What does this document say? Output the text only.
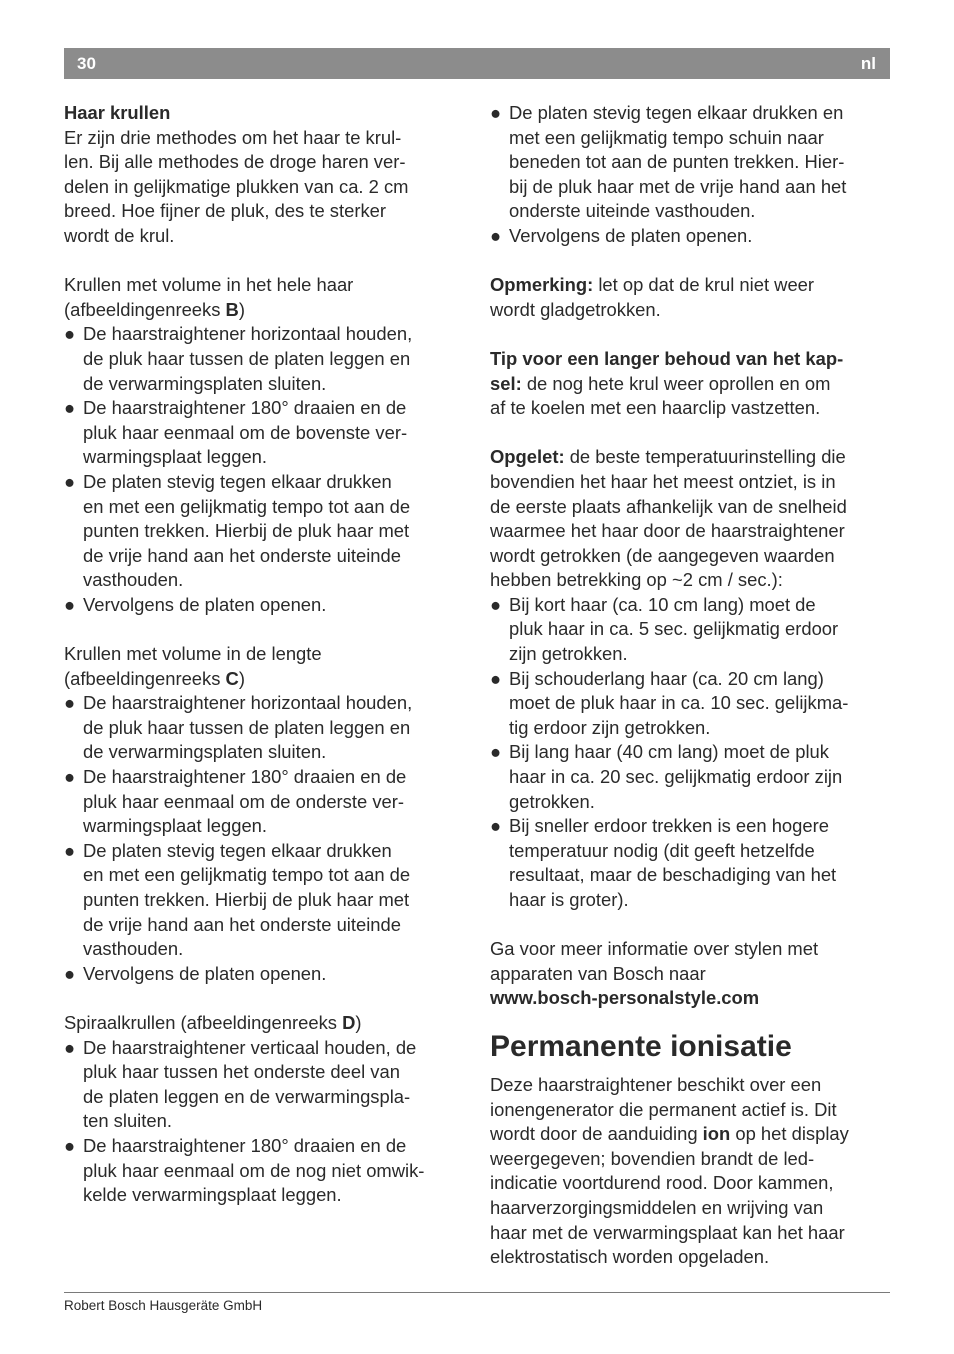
30	nl

Haar krullen

Er zijn drie methodes om het haar te krul-

len. Bij alle methodes de droge haren ver-

delen in gelijkmatige plukken van ca. 2 cm

breed. Hoe fijner de pluk, des te sterker

wordt de krul.

Krullen met volume in het hele haar

(afbeeldingenreeks B)

● De haarstraightener horizontaal houden,
de pluk haar tussen de platen leggen en
de verwarmingsplaten sluiten.
● De haarstraightener 180° draaien en de
pluk haar eenmaal om de bovenste ver-
warmingsplaat leggen.
● De platen stevig tegen elkaar drukken
en met een gelijkmatig tempo tot aan de
punten trekken. Hierbij de pluk haar met
de vrije hand aan het onderste uiteinde
vasthouden.
● Vervolgens de platen openen.

Krullen met volume in de lengte

(afbeeldingenreeks C)

● De haarstraightener horizontaal houden,
de pluk haar tussen de platen leggen en
de verwarmingsplaten sluiten.
● De haarstraightener 180° draaien en de
pluk haar eenmaal om de onderste ver-
warmingsplaat leggen.
● De platen stevig tegen elkaar drukken
en met een gelijkmatig tempo tot aan de
punten trekken. Hierbij de pluk haar met
de vrije hand aan het onderste uiteinde
vasthouden.
● Vervolgens de platen openen.

Spiraalkrullen (afbeeldingenreeks D)

● De haarstraightener verticaal houden, de
pluk haar tussen het onderste deel van
de platen leggen en de verwarmingspla-
ten sluiten.
● De haarstraightener 180° draaien en de
pluk haar eenmaal om de nog niet omwik-
kelde verwarmingsplaat leggen.
● De platen stevig tegen elkaar drukken en
met een gelijkmatig tempo schuin naar
beneden tot aan de punten trekken. Hier-
bij de pluk haar met de vrije hand aan het
onderste uiteinde vasthouden.
● Vervolgens de platen openen.

Opmerking: let op dat de krul niet weer

wordt gladgetrokken.

Tip voor een langer behoud van het kap-

sel: de nog hete krul weer oprollen en om

af te koelen met een haarclip vastzetten.

Opgelet: de beste temperatuurinstelling die

bovendien het haar het meest ontziet, is in

de eerste plaats afhankelijk van de snelheid

waarmee het haar door de haarstraightener

wordt getrokken (de aangegeven waarden

hebben betrekking op ~2 cm / sec.):

● Bij kort haar (ca. 10 cm lang) moet de
pluk haar in ca. 5 sec. gelijkmatig erdoor
zijn getrokken.
● Bij schouderlang haar (ca. 20 cm lang)
moet de pluk haar in ca. 10 sec. gelijkma-
tig erdoor zijn getrokken.
● Bij lang haar (40 cm lang) moet de pluk
haar in ca. 20 sec. gelijkmatig erdoor zijn
getrokken.
● Bij sneller erdoor trekken is een hogere
temperatuur nodig (dit geeft hetzelfde
resultaat, maar de beschadiging van het
haar is groter).

Ga voor meer informatie over stylen met

apparaten van Bosch naar

www.bosch-personalstyle.com

Permanente ionisatie

Deze haarstraightener beschikt over een

ionengenerator die permanent actief is. Dit

wordt door de aanduiding ion op het display

weergegeven; bovendien brandt de led-

indicatie voortdurend rood. Door kammen,

haarverzorgingsmiddelen en wrijving van

haar met de verwarmingsplaat kan het haar

elektrostatisch worden opgeladen.

Robert Bosch Hausgeräte GmbH
